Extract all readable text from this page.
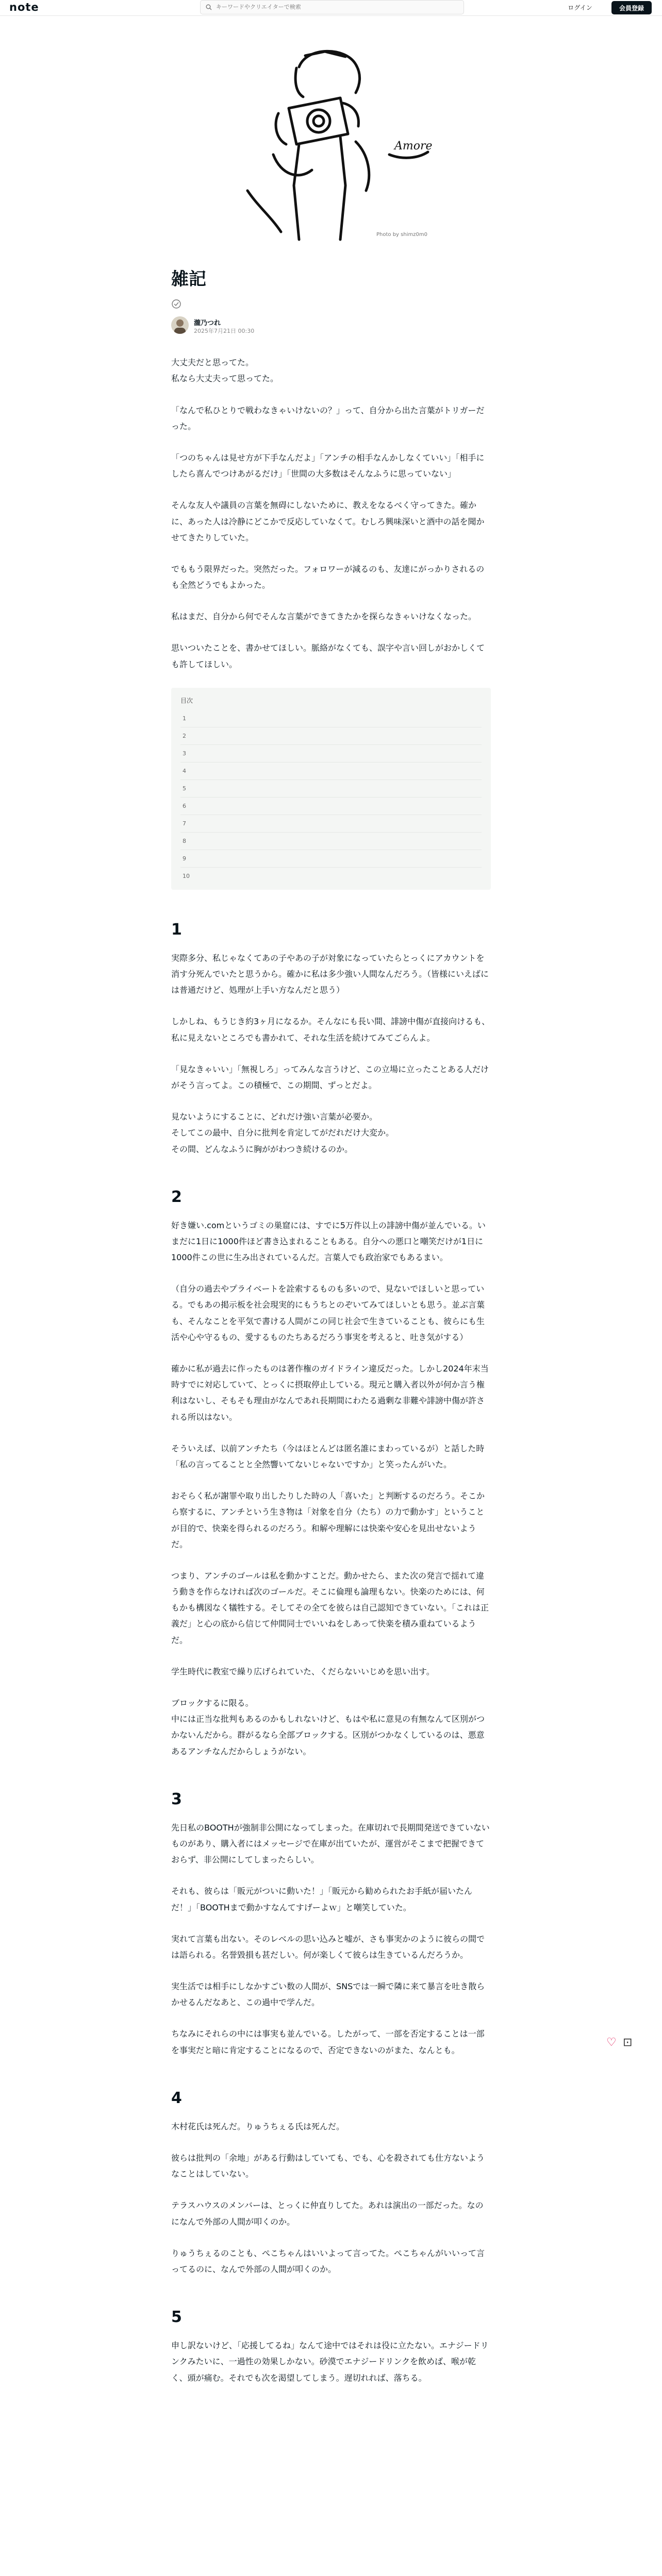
note
キーワードやクリエイターで検索	ログイン	会員登録
Amore
Photo by shimz0m0
雑記
瀧乃つれ
2025年7月21日 00:30

大丈夫だと思ってた。
私なら大丈夫って思ってた。

「なんで私ひとりで戦わなきゃいけないの？」って、自分から出た言葉がトリガーだった。

「つのちゃんは見せ方が下手なんだよ」「アンチの相手なんかしなくていい」「相手にしたら喜んでつけあがるだけ」「世間の大多数はそんなふうに思っていない」

そんな友人や議員の言葉を無碍にしないために、教えをなるべく守ってきた。確かに、あった人は冷静にどこかで反応していなくて。むしろ興味深いと酒中の話を聞かせてきたりしていた。

でももう限界だった。突然だった。フォロワーが減るのも、友達にがっかりされるのも全然どうでもよかった。

私はまだ、自分から何でそんな言葉ができてきたかを探らなきゃいけなくなった。

思いついたことを、書かせてほしい。脈絡がなくても、誤字や言い回しがおかしくても許してほしい。

目次
1
2
3
4
5
6
7
8
9
10
1

実際多分、私じゃなくてあの子やあの子が対象になっていたらとっくにアカウントを消す分死んでいたと思うから。確かに私は多少強い人間なんだろう。（皆様にいえばには普通だけど、処理が上手い方なんだと思う）

しかしね、もうじき約3ヶ月になるか。そんなにも長い間、誹謗中傷が直接向けるも、私に見えないところでも書かれて、それな生活を続けてみてごらんよ。

「見なきゃいい」「無視しろ」ってみんな言うけど、この立場に立ったことある人だけがそう言ってよ。この積極で、この期間、ずっとだよ。

見ないようにすることに、どれだけ強い言葉が必要か。
そしてこの最中、自分に批判を肯定してがだれだけ大変か。
その間、どんなふうに胸ががわつき続けるのか。

2

好き嫌い.comというゴミの巣窟には、すでに5万件以上の誹謗中傷が並んでいる。いまだに1日に1000件ほど書き込まれることもある。自分への悪口と嘲笑だけが1日に1000件この世に生み出されているんだ。言葉人でも政治家でもあるまい。

（自分の過去やプライベートを詮索するものも多いので、見ないでほしいと思っている。でもあの掲示板を社会現実的にもうちとのぞいてみてほしいとも思う。並ぶ言葉も、そんなことを平気で書ける人間がこの同じ社会で生きていることも、彼らにも生活や心や守るもの、愛するものたちあるだろう事実を考えると、吐き気がする）

確かに私が過去に作ったものは著作権のガイドライン違反だった。しかし2024年末当時すでに対応していて、とっくに摂取停止している。現元と購入者以外が何か言う権利はないし、そもそも理由がなんであれ長期間にわたる過剰な非難や誹謗中傷が許される所以はない。

そういえば、以前アンチたち（今はほとんどは匿名誰にまわっているが）と話した時「私の言ってることと全然響いてないじゃないですか」と笑ったんがいた。

おそらく私が謝罪や取り出したりした時の人「喜いた」と判断するのだろう。そこから察するに、アンチという生き物は「対象を自分（たち）の力で動かす」ということが目的で、快楽を得られるのだろう。和解や理解には快楽や安心を見出せないようだ。

つまり、アンチのゴールは私を動かすことだ。動かせたら、また次の発言で揺れて違う動きを作らなければ次のゴールだ。そこに倫理も論理もない。快楽のためには、何もかも構図なく犠牲する。そしてその全てを彼らは自己認知できていない。「これは正義だ」と心の底から信じて仲間同士でいいねをしあって快楽を積み重ねているようだ。

学生時代に教室で繰り広げられていた、くだらないいじめを思い出す。

ブロックするに限る。
中には正当な批判もあるのかもしれないけど、もはや私に意見の有無なんて区別がつかないんだから。群がるなら全部ブロックする。区別がつかなくしているのは、悪意あるアンチなんだからしょうがない。

3

先日私のBOOTHが強制非公開になってしまった。在庫切れで長期間発送できていないものがあり、購入者にはメッセージで在庫が出ていたが、運営がそこまで把握できておらず、非公開にしてしまったらしい。

それも、彼らは「販元がついに動いた！」「販元から勧められたお手紙が届いたんだ！」「BOOTHまで動かすなんてすげーよｗ」と嘲笑していた。

実れて言葉も出ない。そのレベルの思い込みと嘘が、さも事実かのように彼らの間では語られる。名誉毀損も甚だしい。何が楽しくて彼らは生きているんだろうか。

実生活では相手にしなかすごい数の人間が、SNSでは一瞬で隣に来て暴言を吐き散らかせるんだなあと、この過中で学んだ。

ちなみにそれらの中には事実も並んでいる。したがって、一部を否定することは一部を事実だと暗に肯定することになるので、否定できないのがまた、なんとも。

4

木村花氏は死んだ。りゅうちぇる氏は死んだ。

彼らは批判の「余地」がある行動はしていても、でも、心を殺されても仕方ないようなことはしていない。

テラスハウスのメンバーは、とっくに仲直りしてた。あれは演出の一部だった。なのになんで外部の人間が叩くのか。

りゅうちぇるのことも、ぺこちゃんはいいよって言ってた。ぺこちゃんがいいって言ってるのに、なんで外部の人間が叩くのか。

5

申し訳ないけど、「応援してるね」なんて途中ではそれは役に立たない。エナジードリンクみたいに、一過性の効果しかない。砂漠でエナジードリンクを飲めば、喉が乾く、頭が痛む。それでも次を渇望してしまう。遅切れれば、落ちる。

♡ ⊡
